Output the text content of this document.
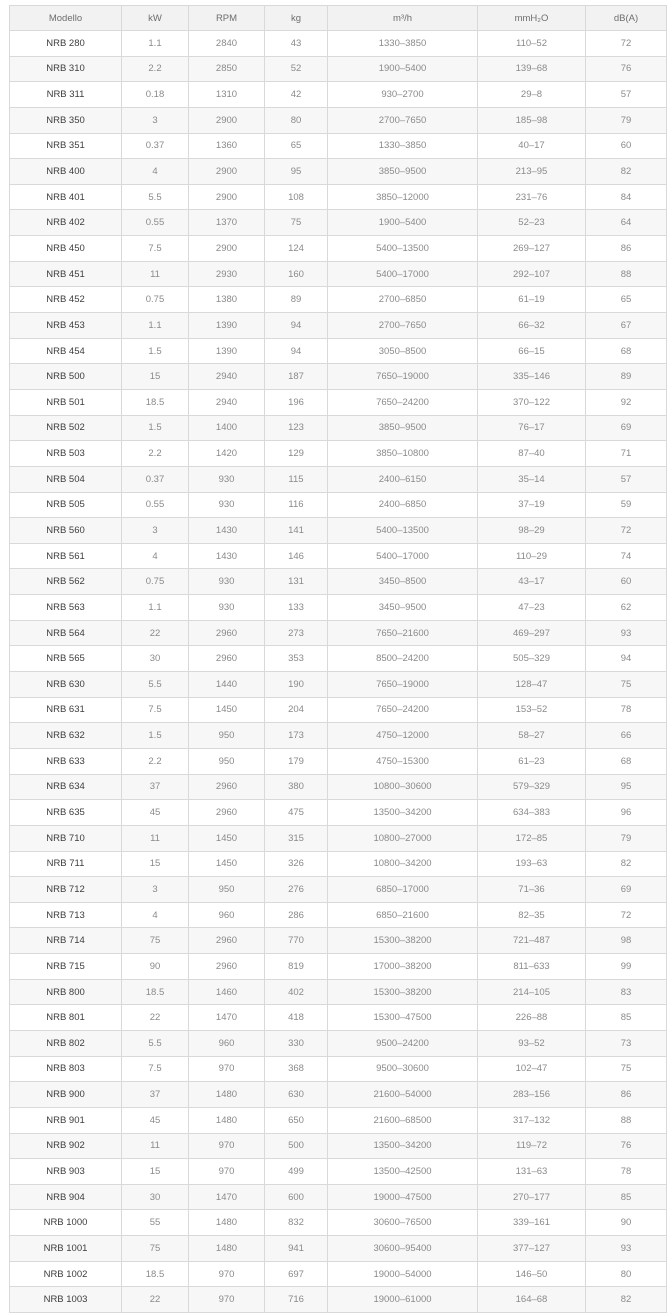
Modello	kW	RPM	kg	m³/h	mmH₂O	dB(A)
NRB 280	1.1	2840	43	1330–3850	110–52	72
NRB 310	2.2	2850	52	1900–5400	139–68	76
NRB 311	0.18	1310	42	930–2700	29–8	57
NRB 350	3	2900	80	2700–7650	185–98	79
NRB 351	0.37	1360	65	1330–3850	40–17	60
NRB 400	4	2900	95	3850–9500	213–95	82
NRB 401	5.5	2900	108	3850–12000	231–76	84
NRB 402	0.55	1370	75	1900–5400	52–23	64
NRB 450	7.5	2900	124	5400–13500	269–127	86
NRB 451	11	2930	160	5400–17000	292–107	88
NRB 452	0.75	1380	89	2700–6850	61–19	65
NRB 453	1.1	1390	94	2700–7650	66–32	67
NRB 454	1.5	1390	94	3050–8500	66–15	68
NRB 500	15	2940	187	7650–19000	335–146	89
NRB 501	18.5	2940	196	7650–24200	370–122	92
NRB 502	1.5	1400	123	3850–9500	76–17	69
NRB 503	2.2	1420	129	3850–10800	87–40	71
NRB 504	0.37	930	115	2400–6150	35–14	57
NRB 505	0.55	930	116	2400–6850	37–19	59
NRB 560	3	1430	141	5400–13500	98–29	72
NRB 561	4	1430	146	5400–17000	110–29	74
NRB 562	0.75	930	131	3450–8500	43–17	60
NRB 563	1.1	930	133	3450–9500	47–23	62
NRB 564	22	2960	273	7650–21600	469–297	93
NRB 565	30	2960	353	8500–24200	505–329	94
NRB 630	5.5	1440	190	7650–19000	128–47	75
NRB 631	7.5	1450	204	7650–24200	153–52	78
NRB 632	1.5	950	173	4750–12000	58–27	66
NRB 633	2.2	950	179	4750–15300	61–23	68
NRB 634	37	2960	380	10800–30600	579–329	95
NRB 635	45	2960	475	13500–34200	634–383	96
NRB 710	11	1450	315	10800–27000	172–85	79
NRB 711	15	1450	326	10800–34200	193–63	82
NRB 712	3	950	276	6850–17000	71–36	69
NRB 713	4	960	286	6850–21600	82–35	72
NRB 714	75	2960	770	15300–38200	721–487	98
NRB 715	90	2960	819	17000–38200	811–633	99
NRB 800	18.5	1460	402	15300–38200	214–105	83
NRB 801	22	1470	418	15300–47500	226–88	85
NRB 802	5.5	960	330	9500–24200	93–52	73
NRB 803	7.5	970	368	9500–30600	102–47	75
NRB 900	37	1480	630	21600–54000	283–156	86
NRB 901	45	1480	650	21600–68500	317–132	88
NRB 902	11	970	500	13500–34200	119–72	76
NRB 903	15	970	499	13500–42500	131–63	78
NRB 904	30	1470	600	19000–47500	270–177	85
NRB 1000	55	1480	832	30600–76500	339–161	90
NRB 1001	75	1480	941	30600–95400	377–127	93
NRB 1002	18.5	970	697	19000–54000	146–50	80
NRB 1003	22	970	716	19000–61000	164–68	82
